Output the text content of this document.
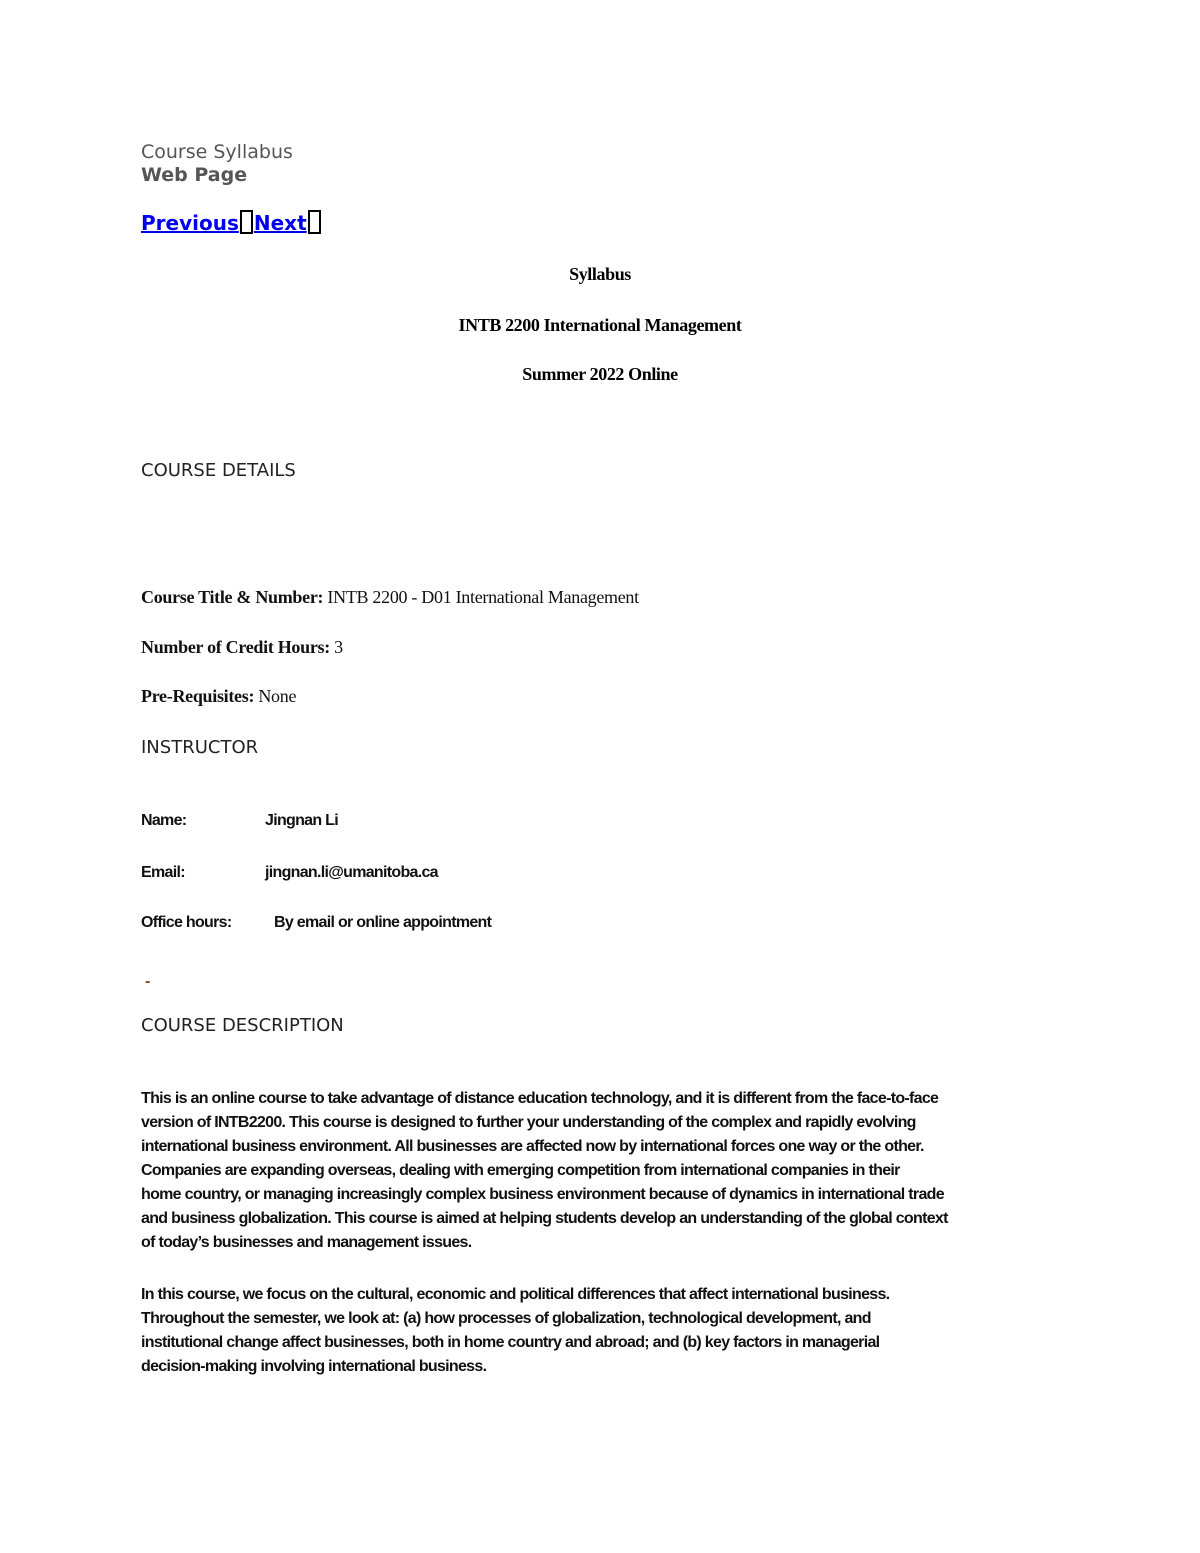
Course Syllabus
Web Page
Previous Next
Syllabus
INTB 2200 International Management
Summer 2022 Online
COURSE DETAILS
Course Title & Number: INTB 2200 - D01 International Management
Number of Credit Hours: 3
Pre-Requisites: None
INSTRUCTOR
Name:	Jingnan Li
Email:	jingnan.li@umanitoba.ca
Office hours:	By email or online appointment
-
COURSE DESCRIPTION
This is an online course to take advantage of distance education technology, and it is different from the face-to-face
version of INTB2200. This course is designed to further your understanding of the complex and rapidly evolving
international business environment. All businesses are affected now by international forces one way or the other.
Companies are expanding overseas, dealing with emerging competition from international companies in their
home country, or managing increasingly complex business environment because of dynamics in international trade
and business globalization. This course is aimed at helping students develop an understanding of the global context
of today’s businesses and management issues.
In this course, we focus on the cultural, economic and political differences that affect international business.
Throughout the semester, we look at: (a) how processes of globalization, technological development, and
institutional change affect businesses, both in home country and abroad; and (b) key factors in managerial
decision-making involving international business.
